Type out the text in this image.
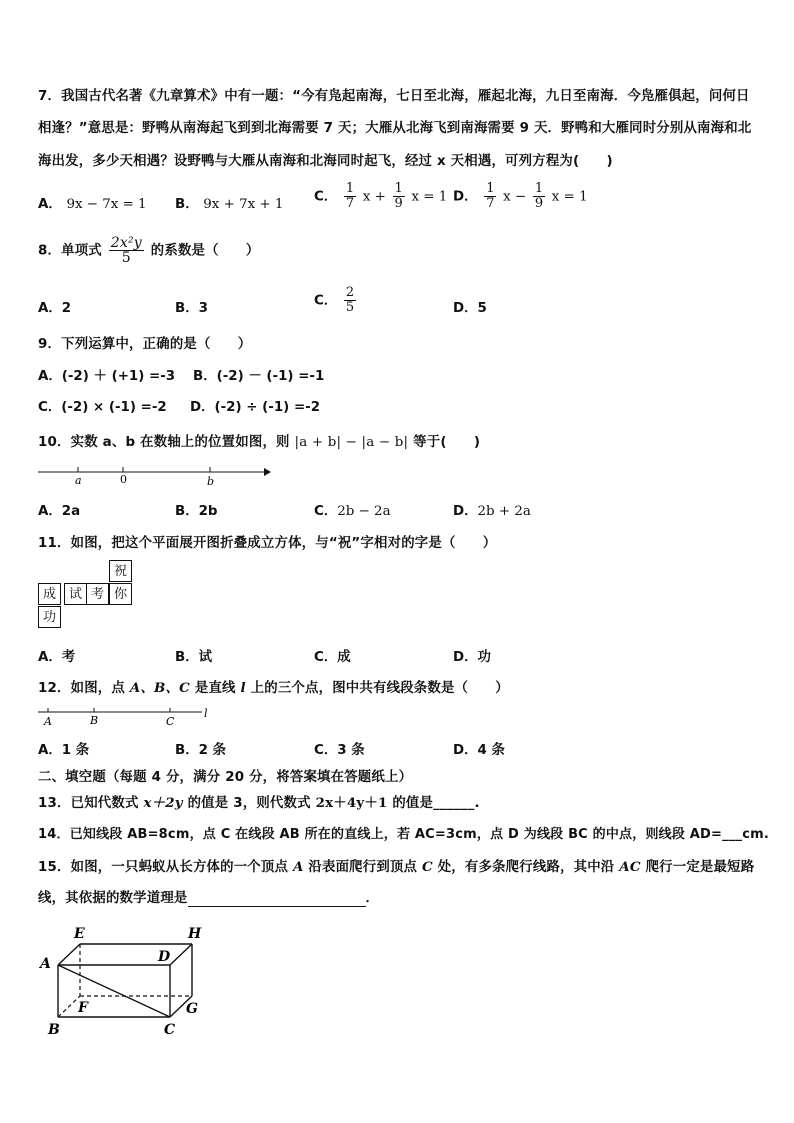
7．我国古代名著《九章算术》中有一题：“今有凫起南海，七日至北海，雁起北海，九日至南海．今凫雁俱起，问何日
相逢？”意思是：野鸭从南海起飞到到北海需要 7 天；大雁从北海飞到南海需要 9 天．野鸭和大雁同时分别从南海和北
海出发，多少天相遇？设野鸭与大雁从南海和北海同时起飞，经过 x 天相遇，可列方程为(　　)
A． 9x − 7x = 1 B． 9x + 7x + 1 C． $\frac{1}{7}$ $x + \frac{1}{9}$ x = 1 D． $\frac{1}{7}$ $x - \frac{1}{9}$ x = 1
8．单项式 $\frac{\text{2x²y}}{5}$ 的系数是（　　）
A．2	B．3	C． $\frac{2}{5}$	D．5
9．下列运算中，正确的是（　　）
A．(-2) ＋ (+1) =-3 B．(-2) － (-1) =-1
C．(-2) × (-1) =-2 D．(-2) ÷ (-1) =-2
10．实数 a、b 在数轴上的位置如图，则 |a + b| − |a − b| 等于(　　)
a	0	b
A．2a	B．2b	C．2b − 2a	D．2b + 2a
11．如图，把这个平面展开图折叠成立方体，与“祝”字相对的字是（　　）
祝
成 试 考 你
功
A．考	B．试	C．成	D．功
12．如图，点 A、B、C 是直线 l 上的三个点，图中共有线段条数是（　　）
A	B	C
l
A．1 条	B．2 条	C．3 条	D．4 条
二、填空题（每题 4 分，满分 20 分，将答案填在答题纸上）
13．已知代数式 x＋2y 的值是 3，则代数式 2x＋4y＋1 的值是______.
14．已知线段 AB=8cm，点 C 在线段 AB 所在的直线上，若 AC=3cm，点 D 为线段 BC 的中点，则线段 AD=___cm.
15．如图，一只蚂蚁从长方体的一个顶点 A 沿表面爬行到顶点 C 处，有多条爬行线路，其中沿 AC 爬行一定是最短路
线，其依据的数学道理是	．
E	H
A	D
F	G
B	C
